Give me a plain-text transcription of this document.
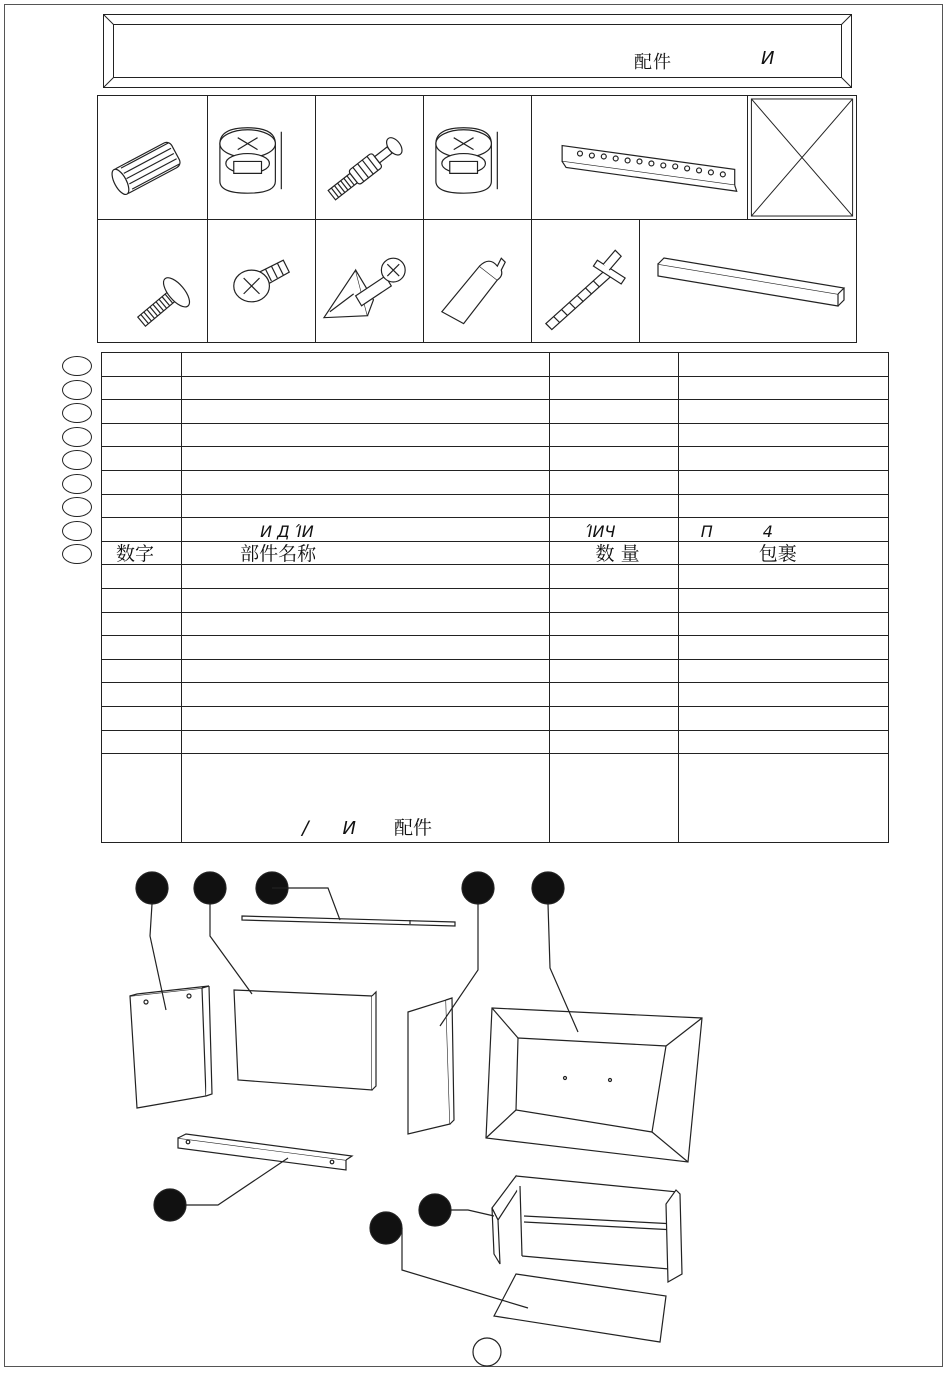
配件	И

	И Д ΊИ	ΊИЧ	Π 4
数字	部件名称	数 量	包裹

	/ И 配件		
